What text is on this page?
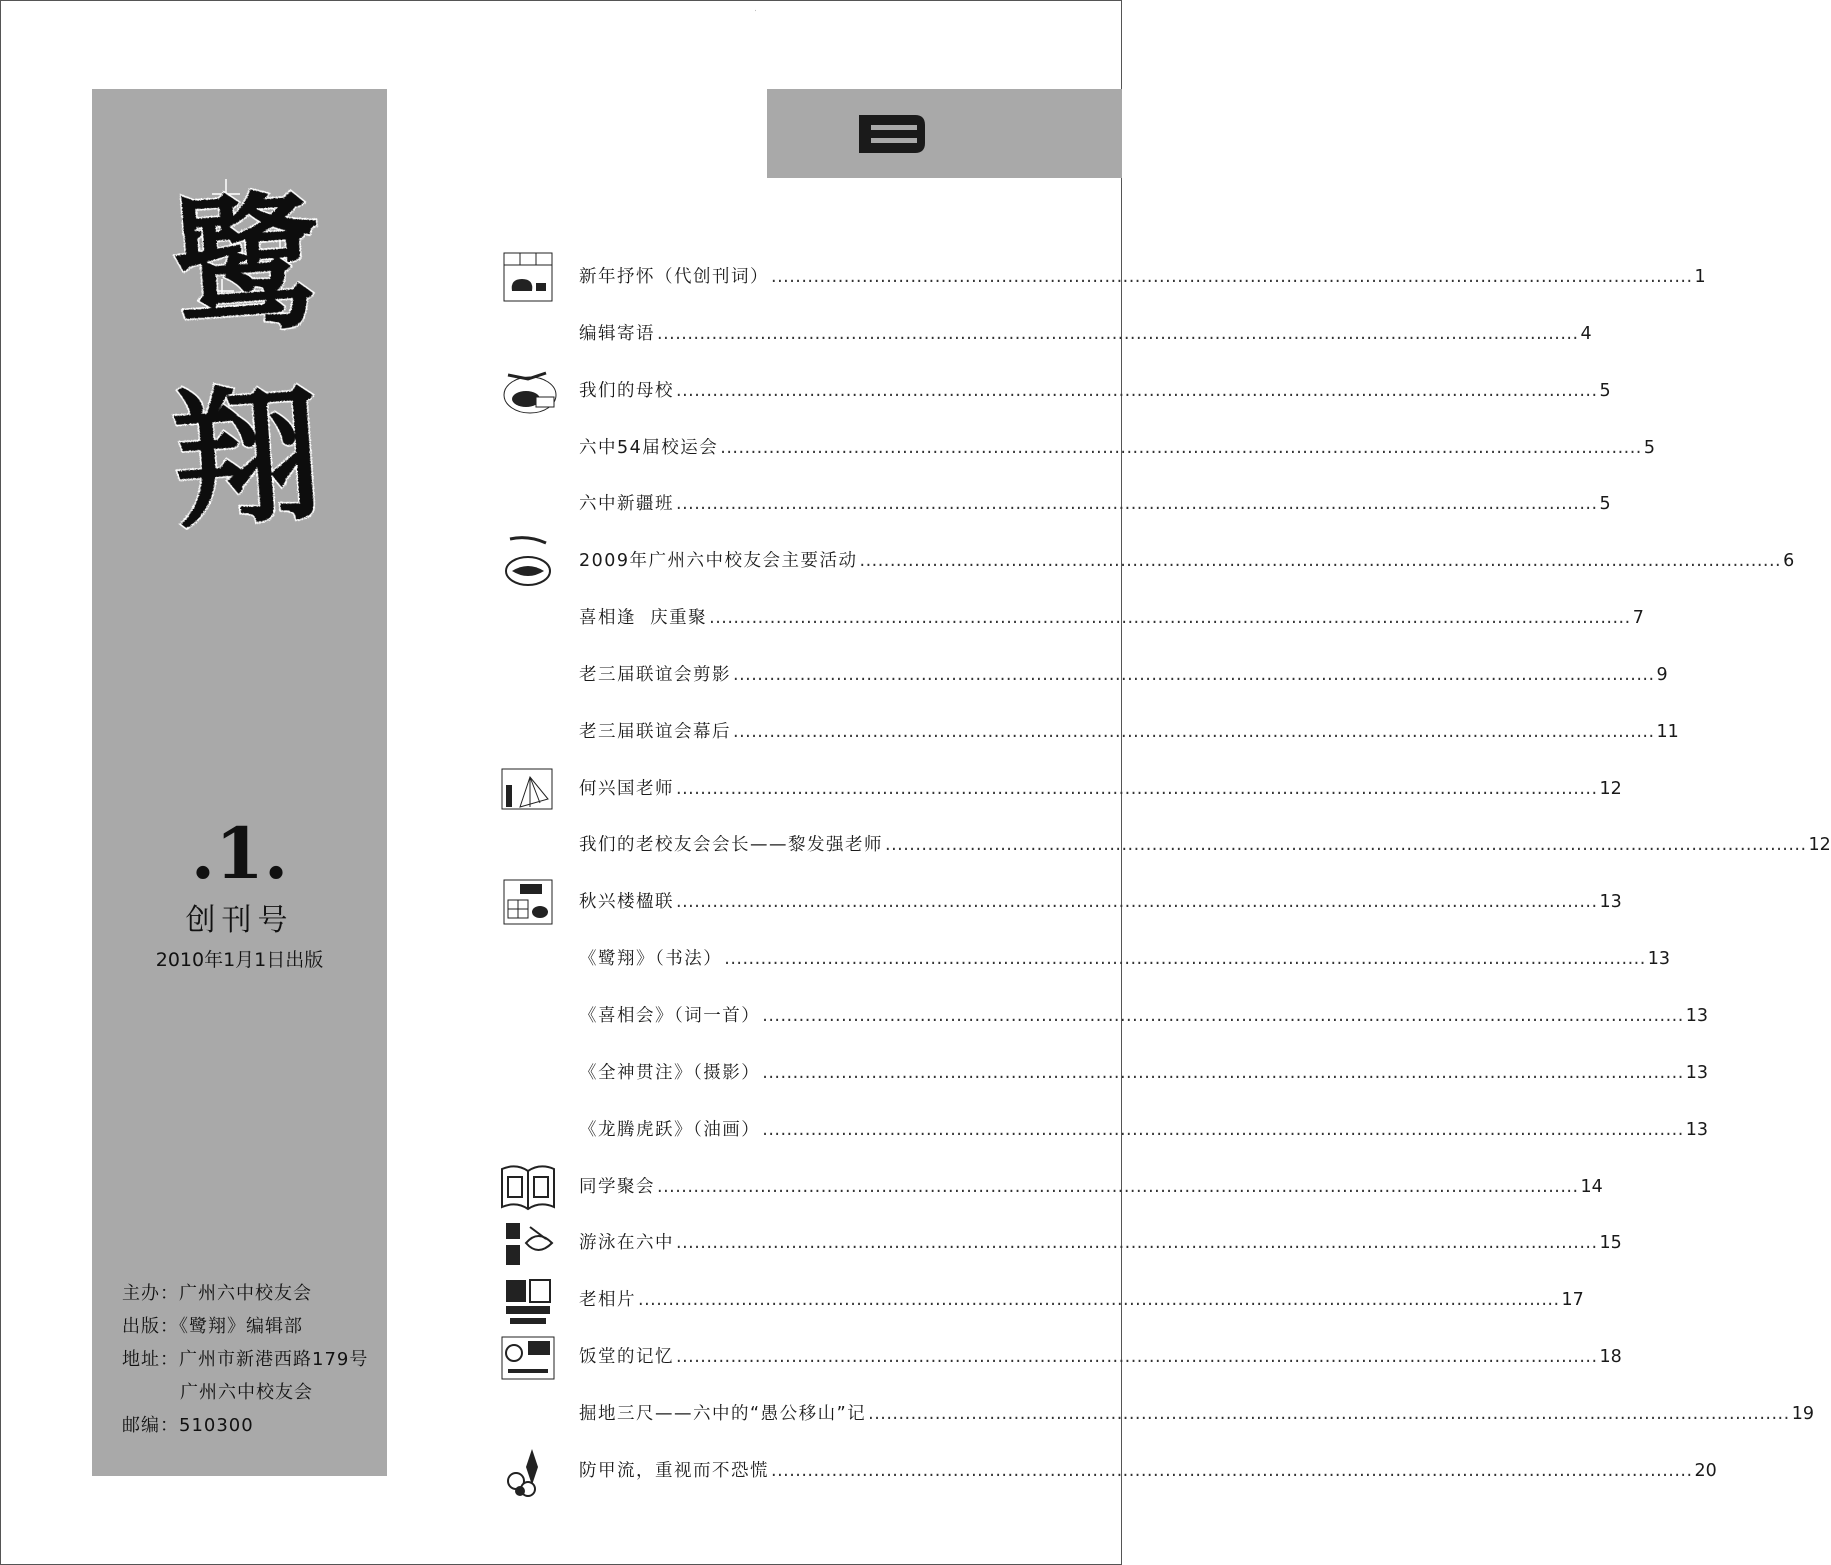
鹭
翔
.1.
创刊号
2010年1月1日出版
主办：广州六中校友会
出版：《鹭翔》编辑部
地址：广州市新港西路179号
广州六中校友会
邮编：510300
目
新年抒怀（代创刊词） .....	1
编辑寄语 .....	4
我们的母校 .....	5
六中54届校运会 .....	5
六中新疆班 .....	5
2009年广州六中校友会主要活动 .....	6
喜相逢  庆重聚 .....	7
老三届联谊会剪影 .....	9
老三届联谊会幕后 .....	11
何兴国老师 .....	12
我们的老校友会会长——黎发强老师 .....	12
秋兴楼楹联 .....	13
《鹭翔》（书法） .....	13
《喜相会》（词一首） .....	13
《全神贯注》（摄影） .....	13
《龙腾虎跃》（油画） .....	13
同学聚会 .....	14
游泳在六中 .....	15
老相片 .....	17
饭堂的记忆 .....	18
掘地三尺——六中的“愚公移山”记 .....	19
防甲流，重视而不恐慌 .....	20
